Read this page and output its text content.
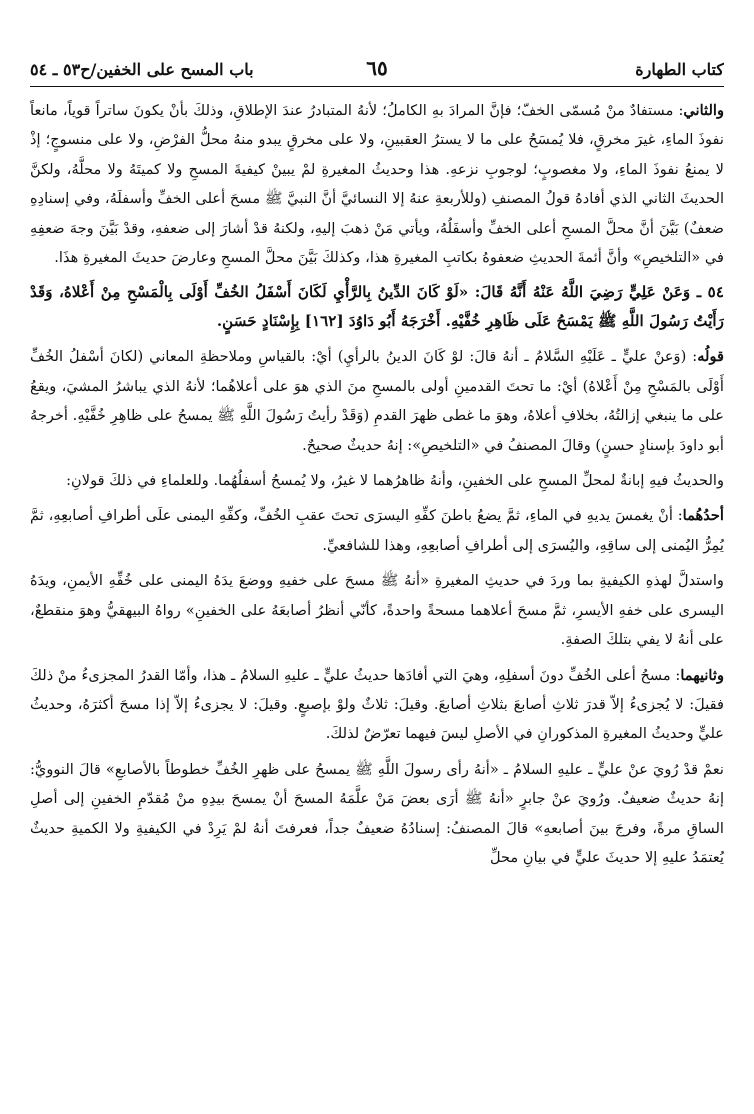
كتاب الطهارة
٦٥
باب المسح على الخفين/ح٥٣ ـ ٥٤

والثاني: مستفادٌ منْ مُسمّى الخفّ؛ فإنَّ المرادَ بهِ الكاملُ؛ لأنهُ المتبادرُ عندَ الإطلاقِ، وذلكَ بأنْ يكونَ ساتراً قوياً، مانعاً نفوذَ الماءِ، غيرَ مخرقٍ، فلا يُمسَحُ على ما لا يسترُ العقبينِ، ولا على مخرقٍ يبدو منهُ محلُّ الفرْضِ، ولا على منسوجٍ؛ إذْ لا يمنعُ نفوذَ الماءِ، ولا مغصوبٍ؛ لوجوبِ نزعهِ. هذا وحديثُ المغيرةِ لمْ يبينْ كيفيةَ المسحِ ولا كميتَهُ ولا محلَّهُ، ولكنَّ الحديثَ الثاني الذي أفادهُ قولُ المصنفِ (وللأربعةِ عنهُ إلا النسائيَّ أنَّ النبيَّ ﷺ مسحَ أعلى الخفِّ وأسفلَهُ، وفي إسنادِهِ ضعفٌ) بَيَّنَ أنَّ محلَّ المسحِ أعلى الخفِّ وأسفَلُهُ، ويأتي مَنْ ذهبَ إليهِ، ولكنهُ قدْ أشارَ إلى ضعفهِ، وقدْ بَيَّنَ وجهَ ضعفِهِ في «التلخيصِ» وأنَّ أئمةَ الحديثِ ضعفوهُ بكاتبِ المغيرةِ هذا، وكذلكَ بَيَّنَ محلَّ المسحِ وعارضَ حديثَ المغيرةِ هذَا.

٥٤ ـ وَعَنْ عَلِيٍّ رَضِيَ اللَّهُ عَنْهُ أَنَّهُ قَالَ: «لَوْ كَانَ الدِّينُ بِالرَّأْيِ لَكَانَ أَسْفَلُ الخُفِّ أَوْلَى بِالْمَسْحِ مِنْ أَعْلاهُ، وَقَدْ رَأَيْتُ رَسُولَ اللَّهِ ﷺ يَمْسَحُ عَلَى ظَاهِرِ خُفَّيْهِ. أَخْرَجَهُ أَبُو دَاوُدَ [١٦٢] بِإِسْنَادٍ حَسَنٍ.

قولُه: (وَعنْ عليٍّ ـ عَلَيْهِ السَّلامُ ـ أنهُ قالَ: لوْ كَانَ الدينُ بالرأيِ) أيْ: بالقياسِ وملاحظةِ المعاني (لكانَ أسْفلُ الخُفِّ أَوْلَى بالمَسْحِ مِنْ أَعْلاهُ) أيْ: ما تحتَ القدمينِ أولى بالمسحِ منَ الذي هوَ على أعلاهُما؛ لأنهُ الذي يباشرُ المشيَ، ويقعُ على ما ينبغي إزالتُهُ، بخلافِ أعلاهُ، وهوَ ما غطى ظهرَ القدمِ (وَقَدْ رأيتُ رَسُولَ اللَّهِ ﷺ يمسحُ على ظاهِرِ خُفَّيْهِ. أخرجهُ أبو داودَ بإسنادٍ حسنٍ) وقالَ المصنفُ في «التلخيصِ»: إنهُ حديثٌ صحيحٌ.

والحديثُ فيهِ إبانةٌ لمحلِّ المسحِ على الخفينِ، وأنهُ ظاهرُهما لا غيرُ، ولا يُمسحُ أسفلُهُما. وللعلماءِ في ذلكَ قولانِ:

أحدُهُما: أنْ يغمسَ يديهِ في الماءِ، ثمَّ يضعُ باطنَ كفِّهِ اليسرَى تحتَ عقبِ الخُفِّ، وكفِّهِ اليمنى علَى أطرافِ أصابعِهِ، ثمَّ يُمِرُّ اليُمنى إلى ساقِهِ، واليُسرَى إلى أطرافِ أصابعِهِ، وهذا للشافعيِّ.

واستدلَّ لهذهِ الكيفيةِ بما وردَ في حديثِ المغيرةِ «أنهُ ﷺ مسحَ على خفيهِ ووضعَ يدَهُ اليمنى على خُفِّهِ الأيمنِ، ويدَهُ اليسرى على خفهِ الأيسرِ، ثمَّ مسحَ أعلاهما مسحةً واحدةً، كأنّي أنظرُ أصابعَهُ على الخفينِ» رواهُ البيهقيُّ وهوَ منقطعٌ، على أنهُ لا يفي بتلكَ الصفةِ.

وثانيهما: مسحُ أعلى الخُفِّ دونَ أسفلِهِ، وهيَ التي أفادَها حديثُ عليٍّ ـ عليهِ السلامُ ـ هذا، وأمّا القدرُ المجزىءُ منْ ذلكَ فقيلَ: لا يُجزىءُ إلاّ قدرَ ثلاثِ أصابعَ بثلاثِ أصابعَ. وقيلَ: ثلاثٌ ولوْ بإصبعٍ. وقيلَ: لا يجزىءُ إلاّ إذا مسحَ أكثرَهُ، وحديثُ عليٍّ وحديثُ المغيرةِ المذكورانِ في الأصلِ ليسَ فيهما تعرّضٌ لذلكَ.

نعمْ قدْ رُويَ عنْ عليٍّ ـ عليهِ السلامُ ـ «أنهُ رأى رسولَ اللَّهِ ﷺ يمسحُ على ظهرِ الخُفِّ خطوطاً بالأصابعِ» قالَ النوويُّ: إنهُ حديثٌ ضعيفٌ. ورُويَ عنْ جابرٍ «أنهُ ﷺ أرَى بعضَ مَنْ علَّمَهُ المسحَ أنْ يمسحَ بيدِهِ منْ مُقدّمِ الخفينِ إلى أصلِ الساقِ مرةً، وفرجَ بينَ أصابعهِ» قالَ المصنفُ: إسنادُهُ ضعيفٌ جداً، فعرفتَ أنهُ لمْ يَرِدْ في الكيفيةِ ولا الكميةِ حديثٌ يُعتمَدُ عليهِ إلا حديثَ عليٍّ في بيانِ محلِّ
